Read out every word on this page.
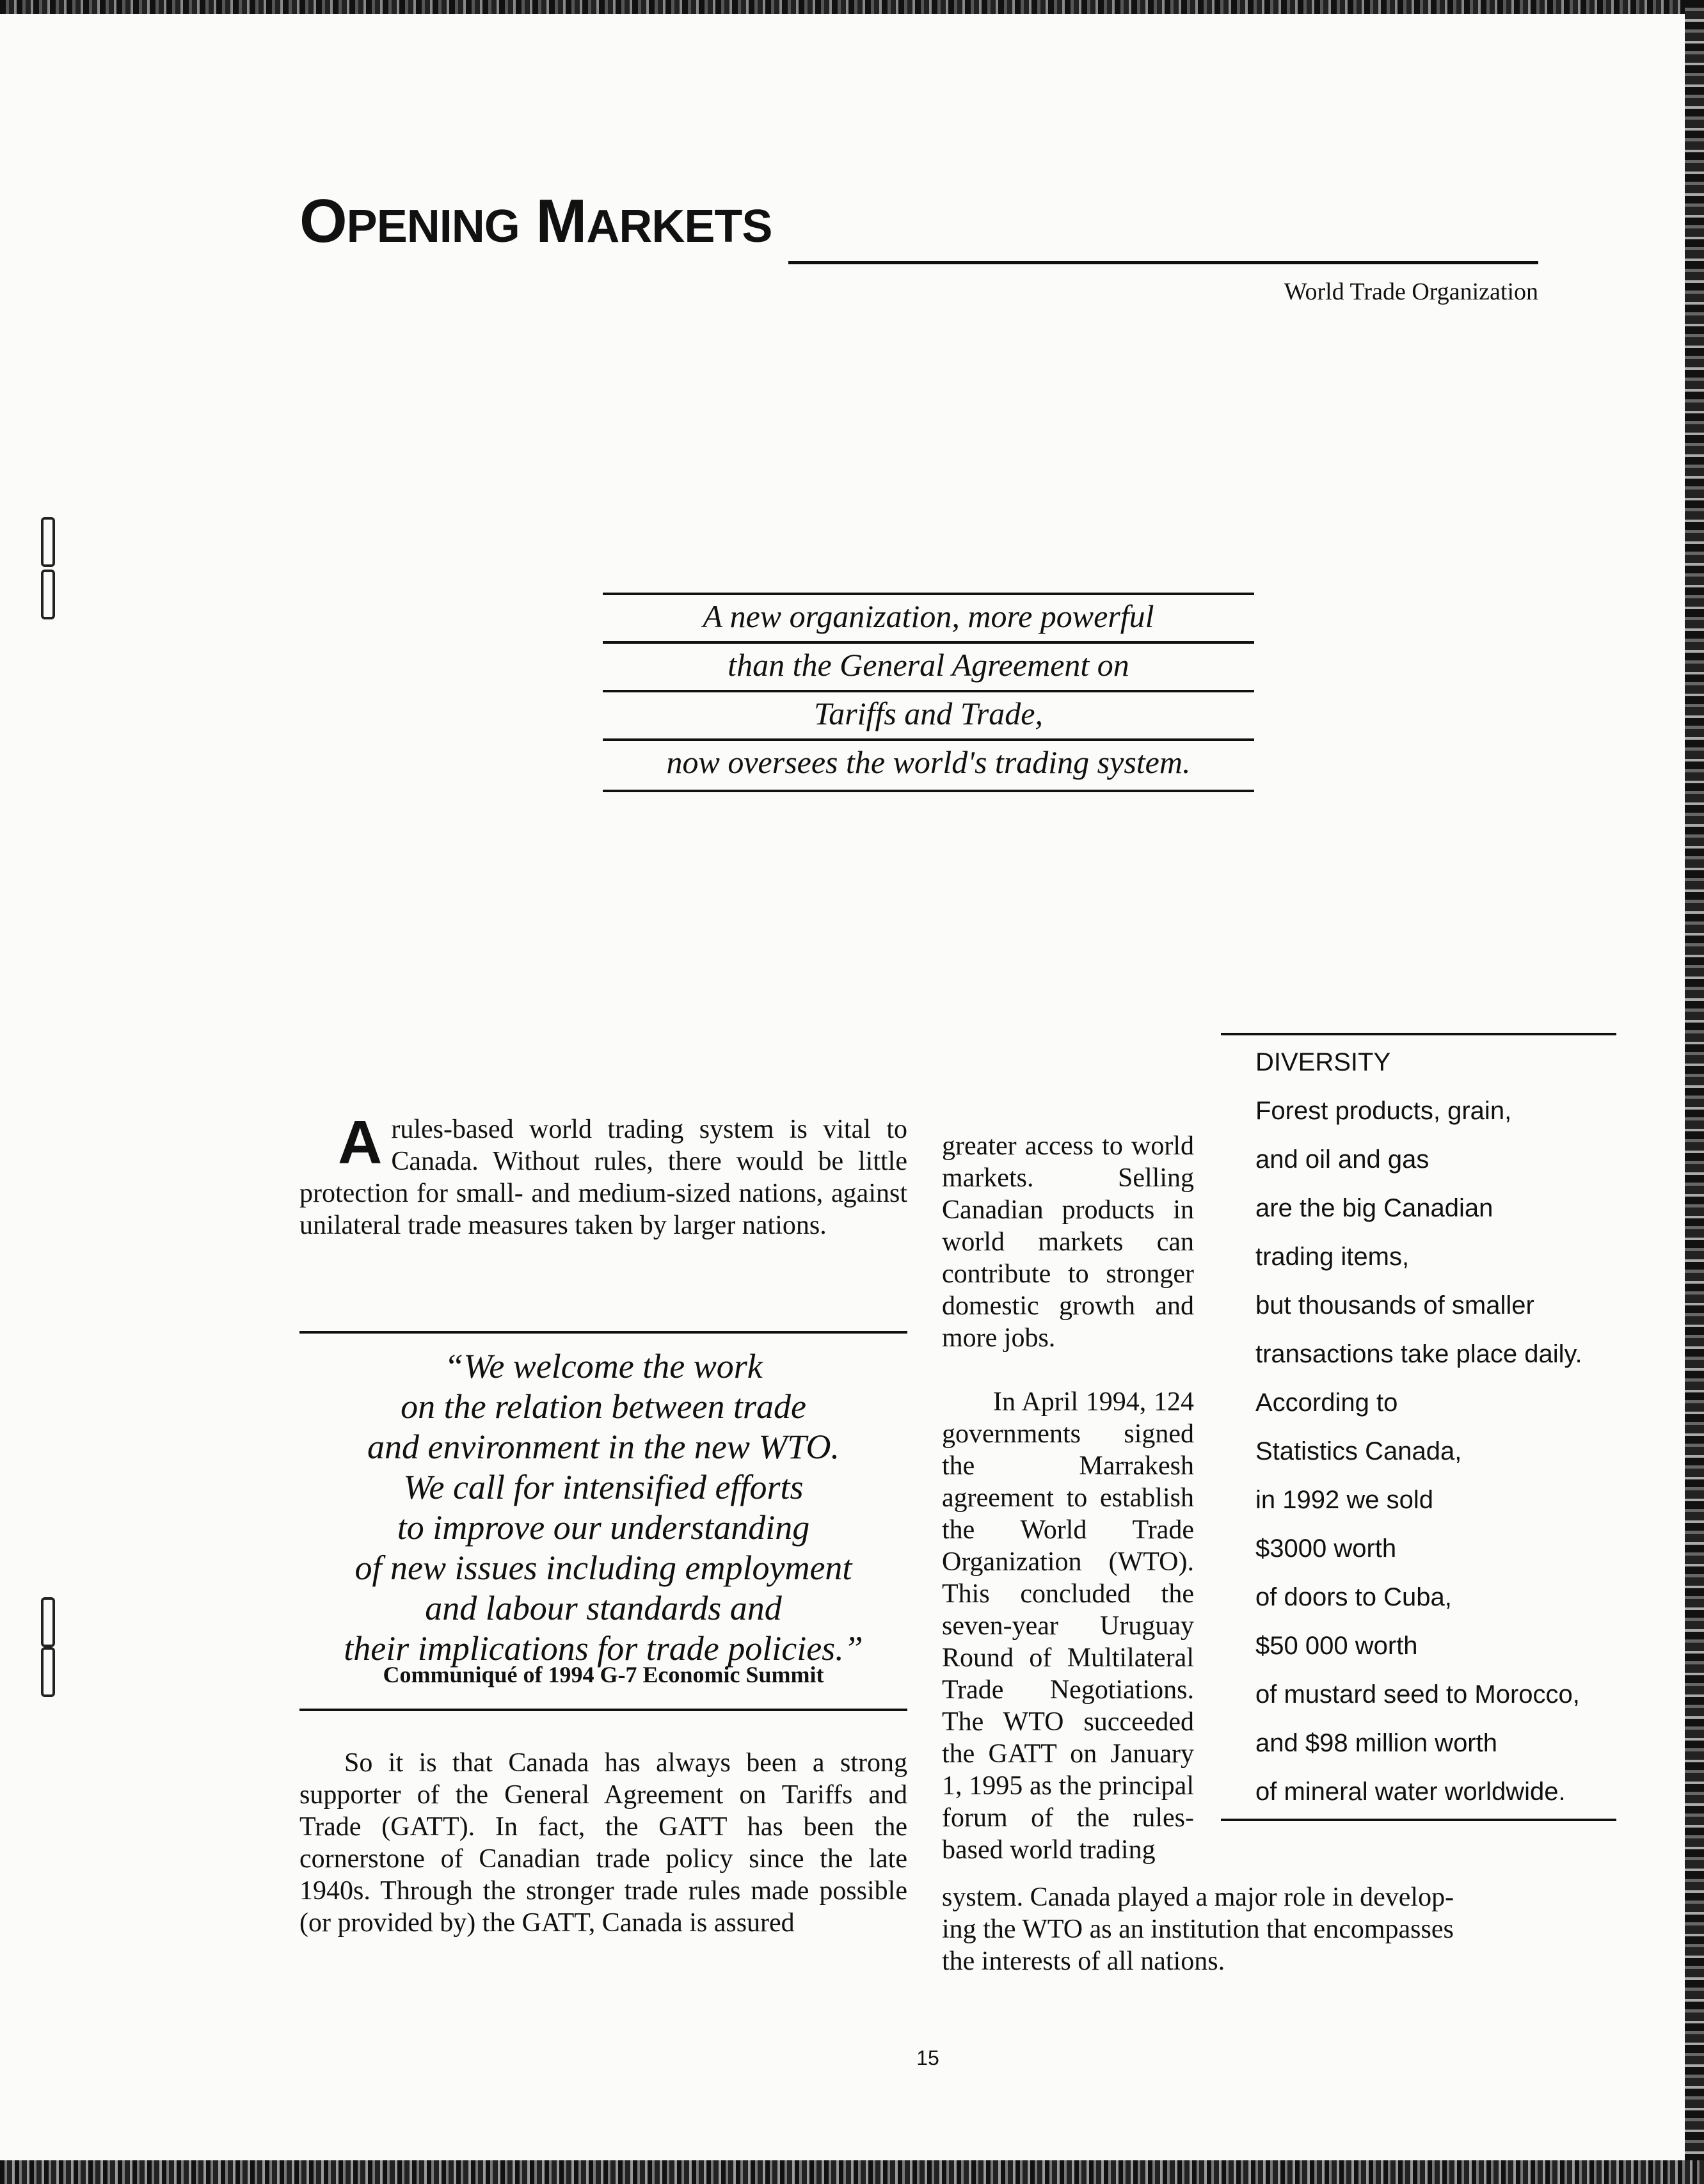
OPENING MARKETS
World Trade Organization
A new organization, more powerful
than the General Agreement on
Tariffs and Trade,
now oversees the world's trading system.
DIVERSITY
Forest products, grain,
and oil and gas
are the big Canadian
trading items,
but thousands of smaller
transactions take place daily.
According to
Statistics Canada,
in 1992 we sold
$3000 worth
of doors to Cuba,
$50 000 worth
of mustard seed to Morocco,
and $98 million worth
of mineral water worldwide.
Arules-based world trading system is vital to Canada. Without rules, there would be little protection for small- and medium-sized nations, against unilateral trade measures taken by larger nations.
“We welcome the work
on the relation between trade
and environment in the new WTO.
We call for intensified efforts
to improve our understanding
of new issues including employment
and labour standards and
their implications for trade policies.”
Communiqué of 1994 G-7 Economic Summit
So it is that Canada has always been a strong supporter of the General Agreement on Tariffs and Trade (GATT). In fact, the GATT has been the cornerstone of Canadian trade policy since the late 1940s. Through the stronger trade rules made possible (or provided by) the GATT, Canada is assured
greater access to world markets. Selling Canadian products in world markets can contribute to stronger domestic growth and more jobs.
In April 1994, 124 governments signed the Marrakesh agreement to establish the World Trade Organization (WTO). This concluded the seven-year Uruguay Round of Multilateral Trade Negotiations. The WTO succeeded the GATT on January 1, 1995 as the principal forum of the rules-based world trading
system. Canada played a major role in develop-
ing the WTO as an institution that encompasses
the interests of all nations.
15
